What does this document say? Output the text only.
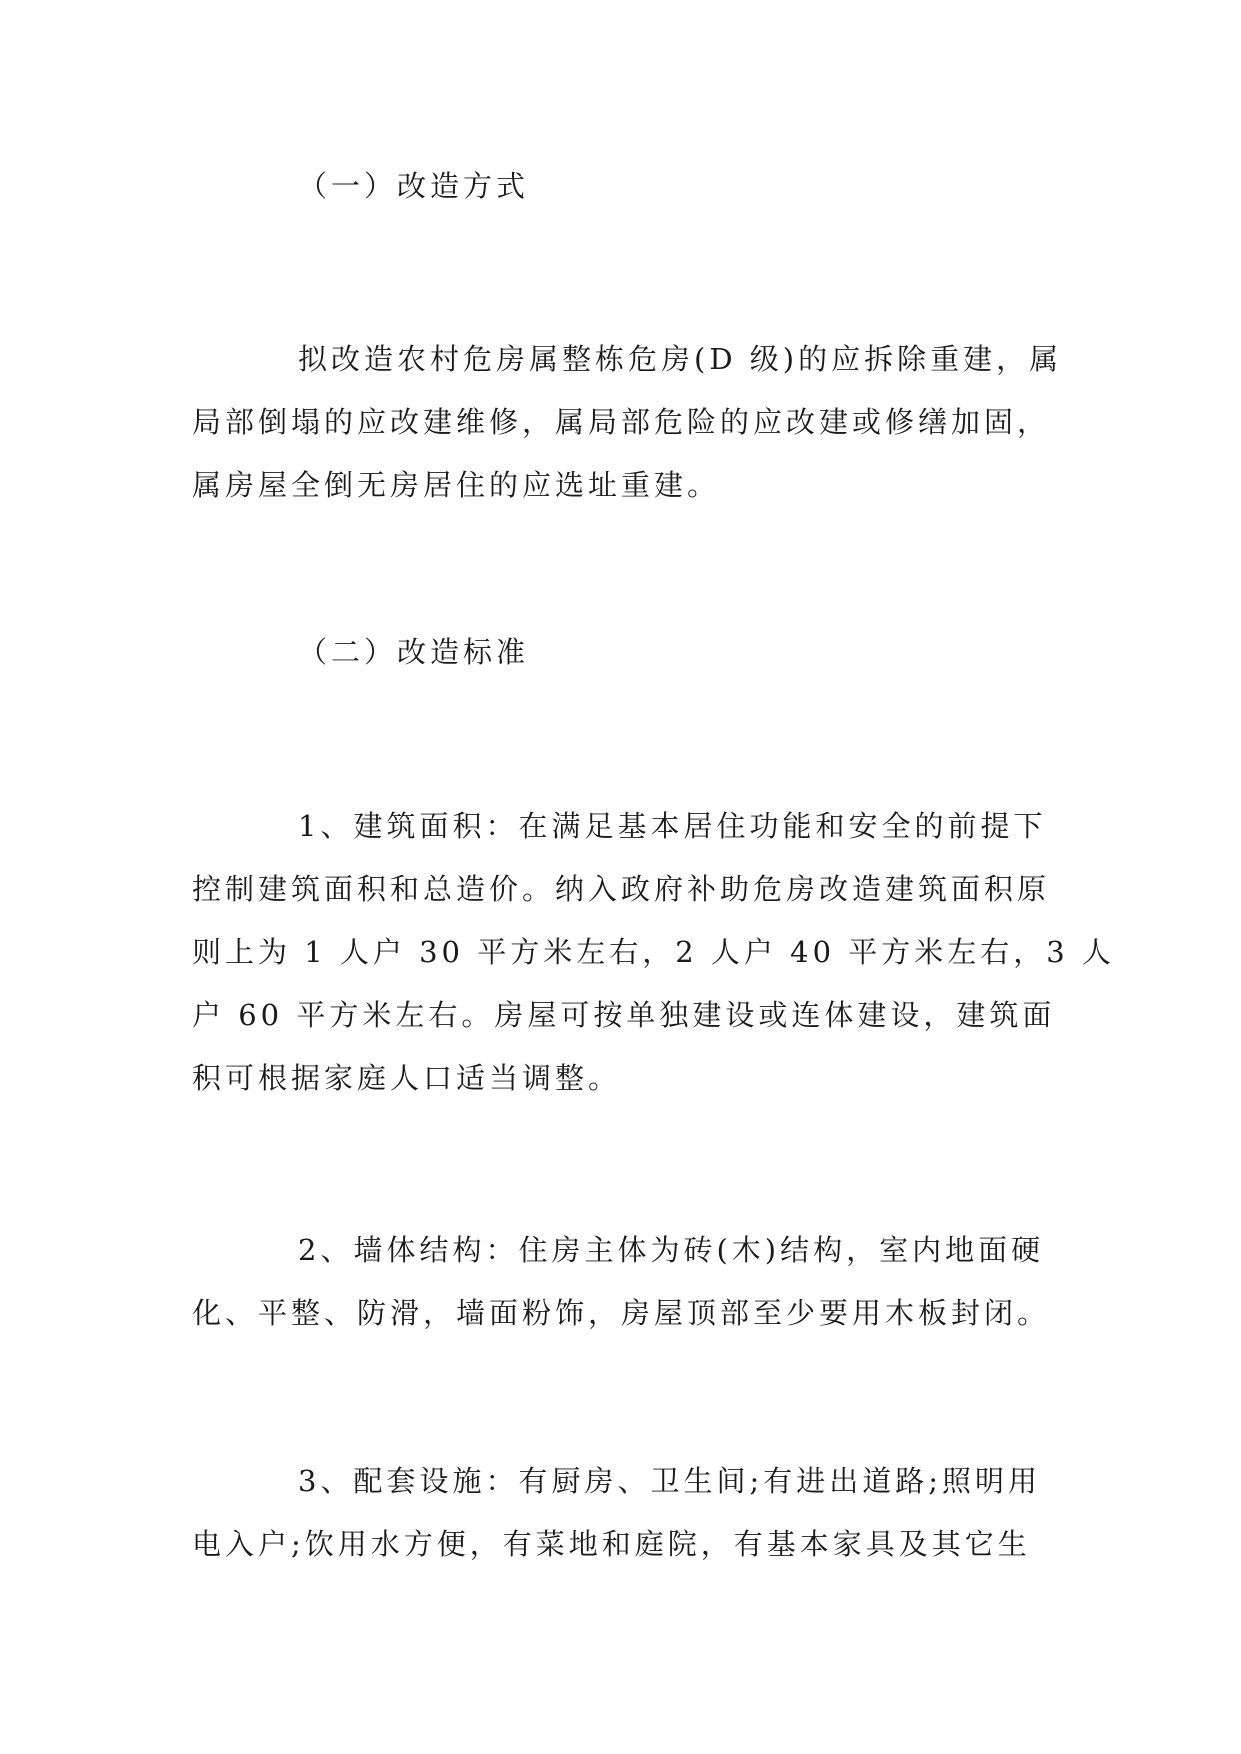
（一）改造方式
拟改造农村危房属整栋危房(D 级)的应拆除重建，属
局部倒塌的应改建维修，属局部危险的应改建或修缮加固，
属房屋全倒无房居住的应选址重建。
（二）改造标准
1、建筑面积：在满足基本居住功能和安全的前提下
控制建筑面积和总造价。纳入政府补助危房改造建筑面积原
则上为 1 人户 30 平方米左右，2 人户 40 平方米左右，3 人
户 60 平方米左右。房屋可按单独建设或连体建设，建筑面
积可根据家庭人口适当调整。
2、墙体结构：住房主体为砖(木)结构，室内地面硬
化、平整、防滑，墙面粉饰，房屋顶部至少要用木板封闭。
3、配套设施：有厨房、卫生间;有进出道路;照明用
电入户;饮用水方便，有菜地和庭院，有基本家具及其它生
